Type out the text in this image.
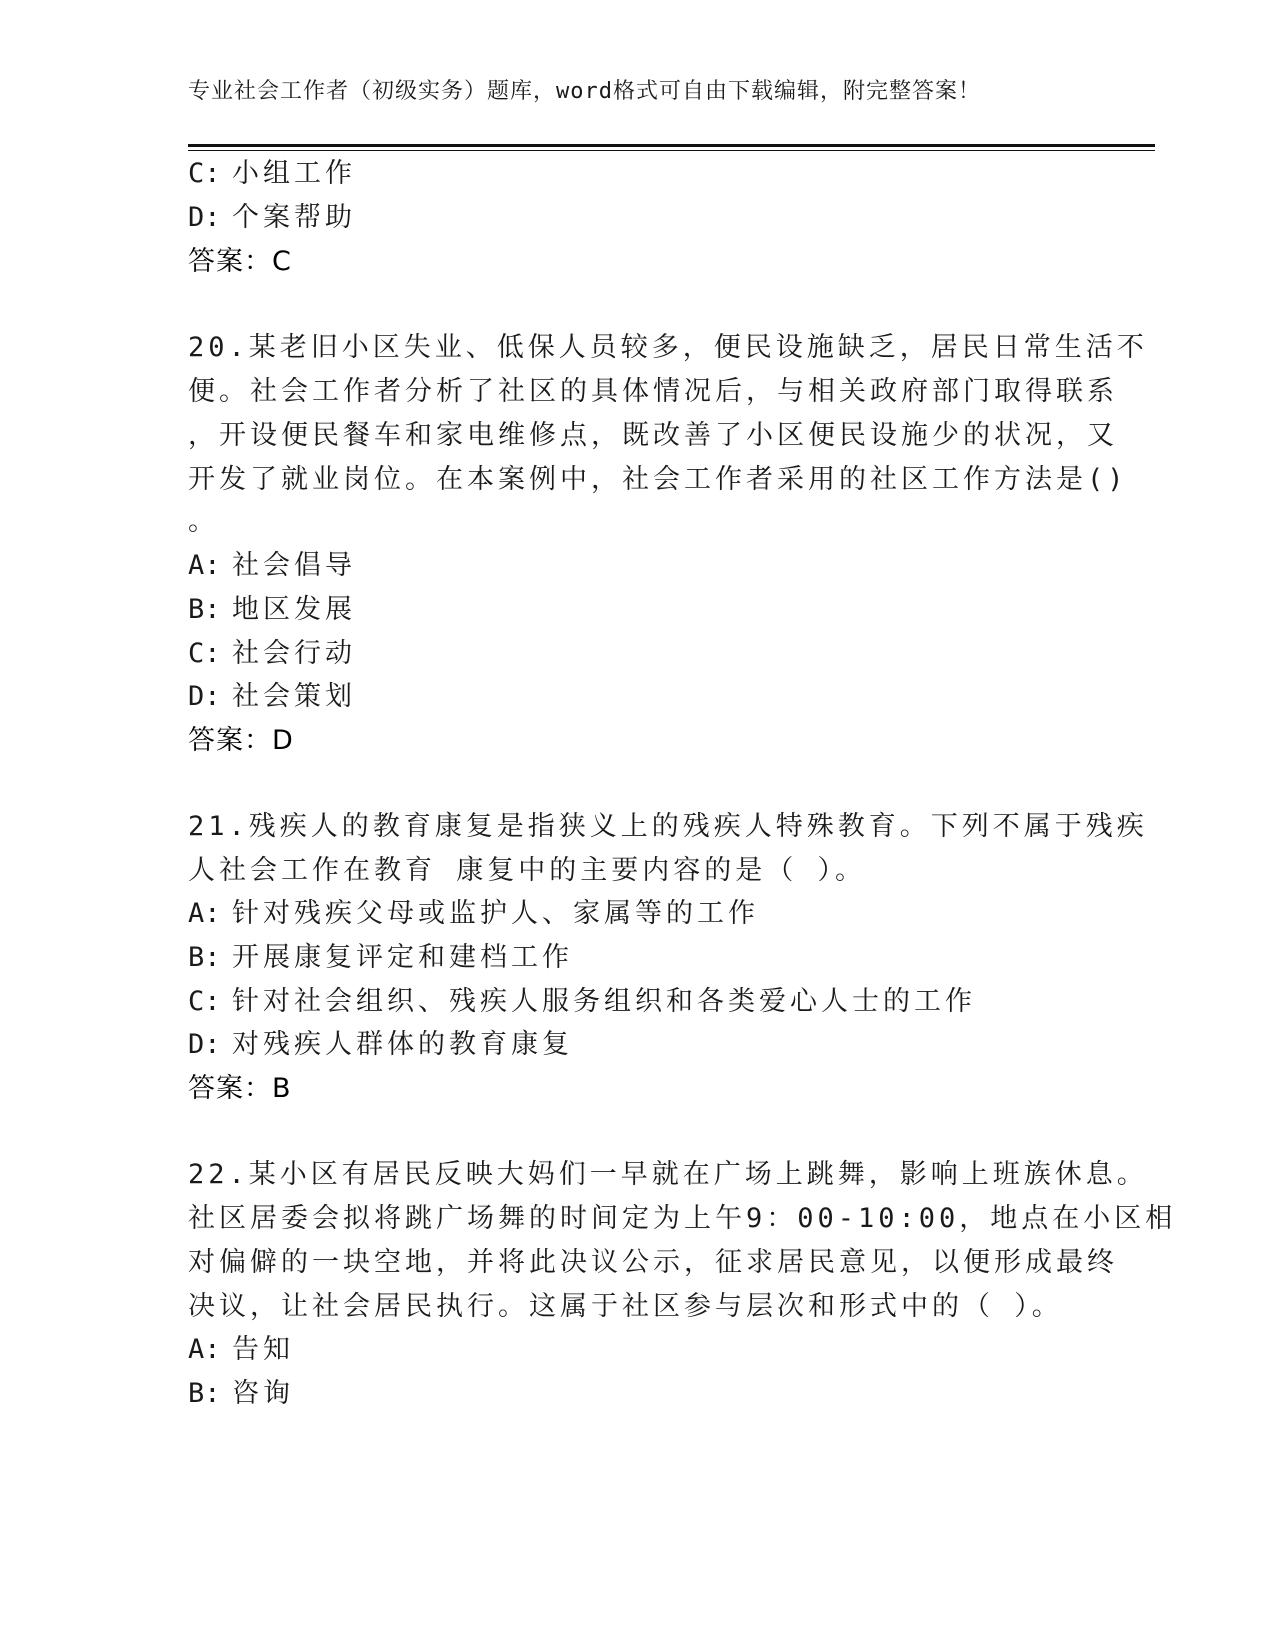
专业社会工作者（初级实务）题库，word格式可自由下载编辑，附完整答案！
C: 小组工作
D: 个案帮助
答案：C
20.某老旧小区失业、低保人员较多，便民设施缺乏，居民日常生活不
便。社会工作者分析了社区的具体情况后，与相关政府部门取得联系
，开设便民餐车和家电维修点，既改善了小区便民设施少的状况，又
开发了就业岗位。在本案例中，社会工作者采用的社区工作方法是()
。
A: 社会倡导
B: 地区发展
C: 社会行动
D: 社会策划
答案：D
21.残疾人的教育康复是指狭义上的残疾人特殊教育。下列不属于残疾
人社会工作在教育 康复中的主要内容的是（ ）。
A: 针对残疾父母或监护人、家属等的工作
B: 开展康复评定和建档工作
C: 针对社会组织、残疾人服务组织和各类爱心人士的工作
D: 对残疾人群体的教育康复
答案：B
22.某小区有居民反映大妈们一早就在广场上跳舞，影响上班族休息。
社区居委会拟将跳广场舞的时间定为上午9：00-10:00，地点在小区相
对偏僻的一块空地，并将此决议公示，征求居民意见，以便形成最终
决议，让社会居民执行。这属于社区参与层次和形式中的（ ）。
A: 告知
B: 咨询
